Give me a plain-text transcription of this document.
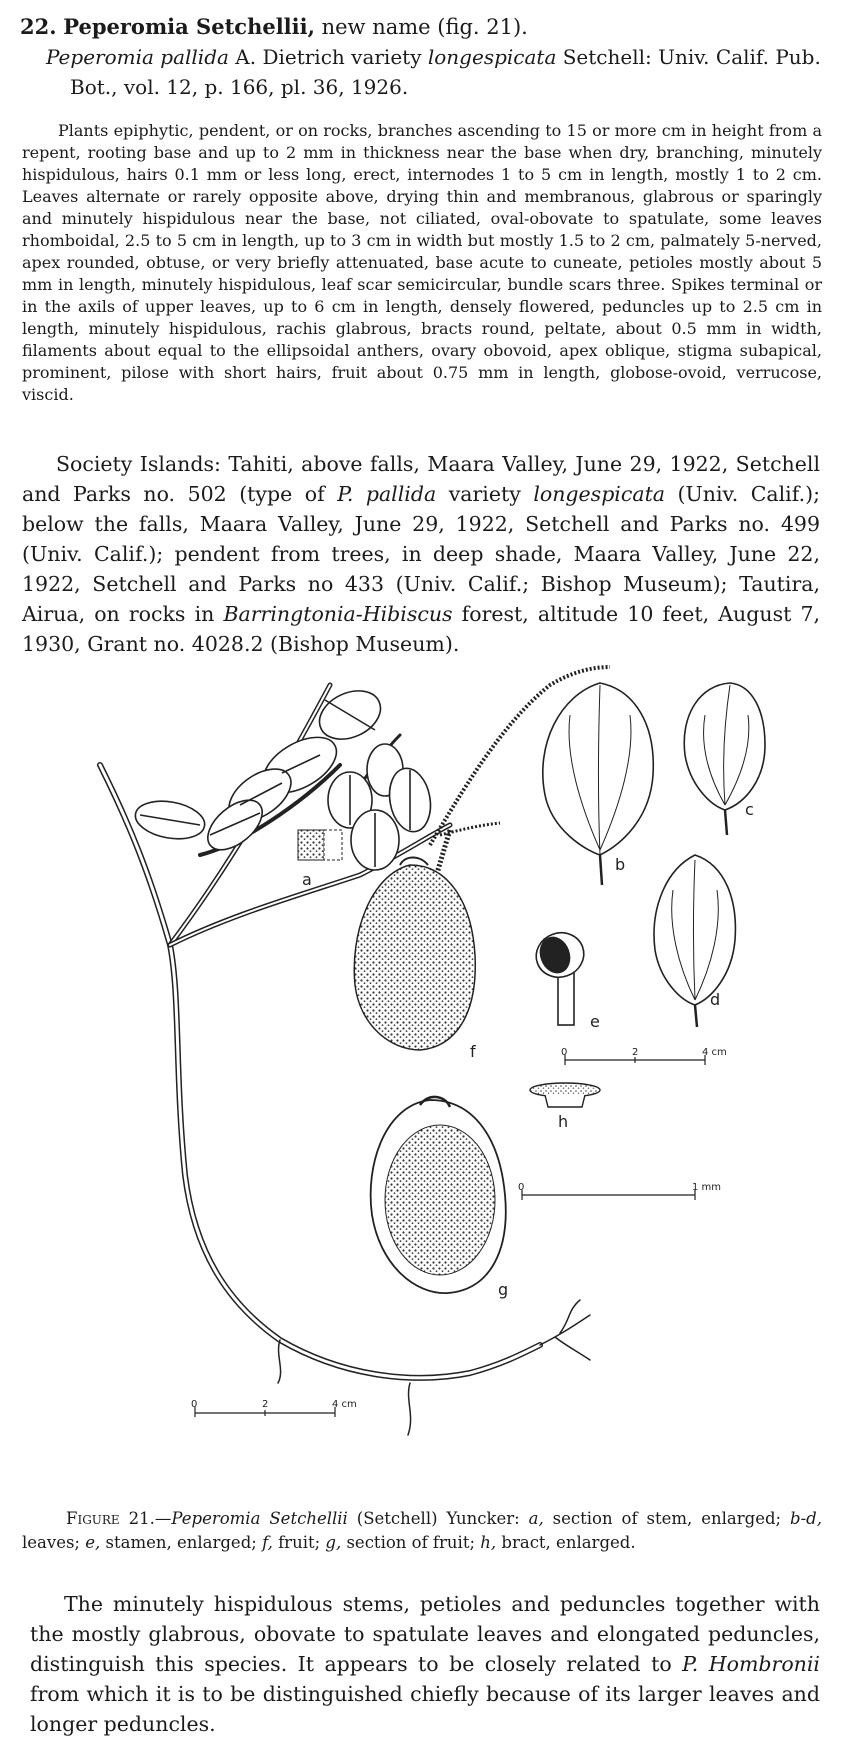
22. Peperomia Setchellii, new name (fig. 21).
Peperomia pallida A. Dietrich variety longespicata Setchell: Univ. Calif. Pub. Bot., vol. 12, p. 166, pl. 36, 1926.

Plants epiphytic, pendent, or on rocks, branches ascending to 15 or more cm in height from a repent, rooting base and up to 2 mm in thickness near the base when dry, branching, minutely hispidulous, hairs 0.1 mm or less long, erect, internodes 1 to 5 cm in length, mostly 1 to 2 cm. Leaves alternate or rarely opposite above, drying thin and membranous, glabrous or sparingly and minutely hispidulous near the base, not ciliated, oval-obovate to spatulate, some leaves rhomboidal, 2.5 to 5 cm in length, up to 3 cm in width but mostly 1.5 to 2 cm, palmately 5-nerved, apex rounded, obtuse, or very briefly attenuated, base acute to cuneate, petioles mostly about 5 mm in length, minutely hispidulous, leaf scar semicircular, bundle scars three. Spikes terminal or in the axils of upper leaves, up to 6 cm in length, densely flowered, peduncles up to 2.5 cm in length, minutely hispidulous, rachis glabrous, bracts round, peltate, about 0.5 mm in width, filaments about equal to the ellipsoidal anthers, ovary obovoid, apex oblique, stigma subapical, prominent, pilose with short hairs, fruit about 0.75 mm in length, globose-ovoid, verrucose, viscid.

Society Islands: Tahiti, above falls, Maara Valley, June 29, 1922, Setchell and Parks no. 502 (type of P. pallida variety longespicata (Univ. Calif.); below the falls, Maara Valley, June 29, 1922, Setchell and Parks no. 499 (Univ. Calif.); pendent from trees, in deep shade, Maara Valley, June 22, 1922, Setchell and Parks no 433 (Univ. Calif.; Bishop Museum); Tautira, Airua, on rocks in Barringtonia-Hibiscus forest, altitude 10 feet, August 7, 1930, Grant no. 4028.2 (Bishop Museum).

a
b
c
d
e
f	0	2	4 cm
h
g
0	1 mm
0	2	4 cm

Figure 21.—Peperomia Setchellii (Setchell) Yuncker: a, section of stem, enlarged; b-d, leaves; e, stamen, enlarged; f, fruit; g, section of fruit; h, bract, enlarged.

The minutely hispidulous stems, petioles and peduncles together with the mostly glabrous, obovate to spatulate leaves and elongated peduncles, distinguish this species. It appears to be closely related to P. Hombronii from which it is to be distinguished chiefly because of its larger leaves and longer peduncles.
